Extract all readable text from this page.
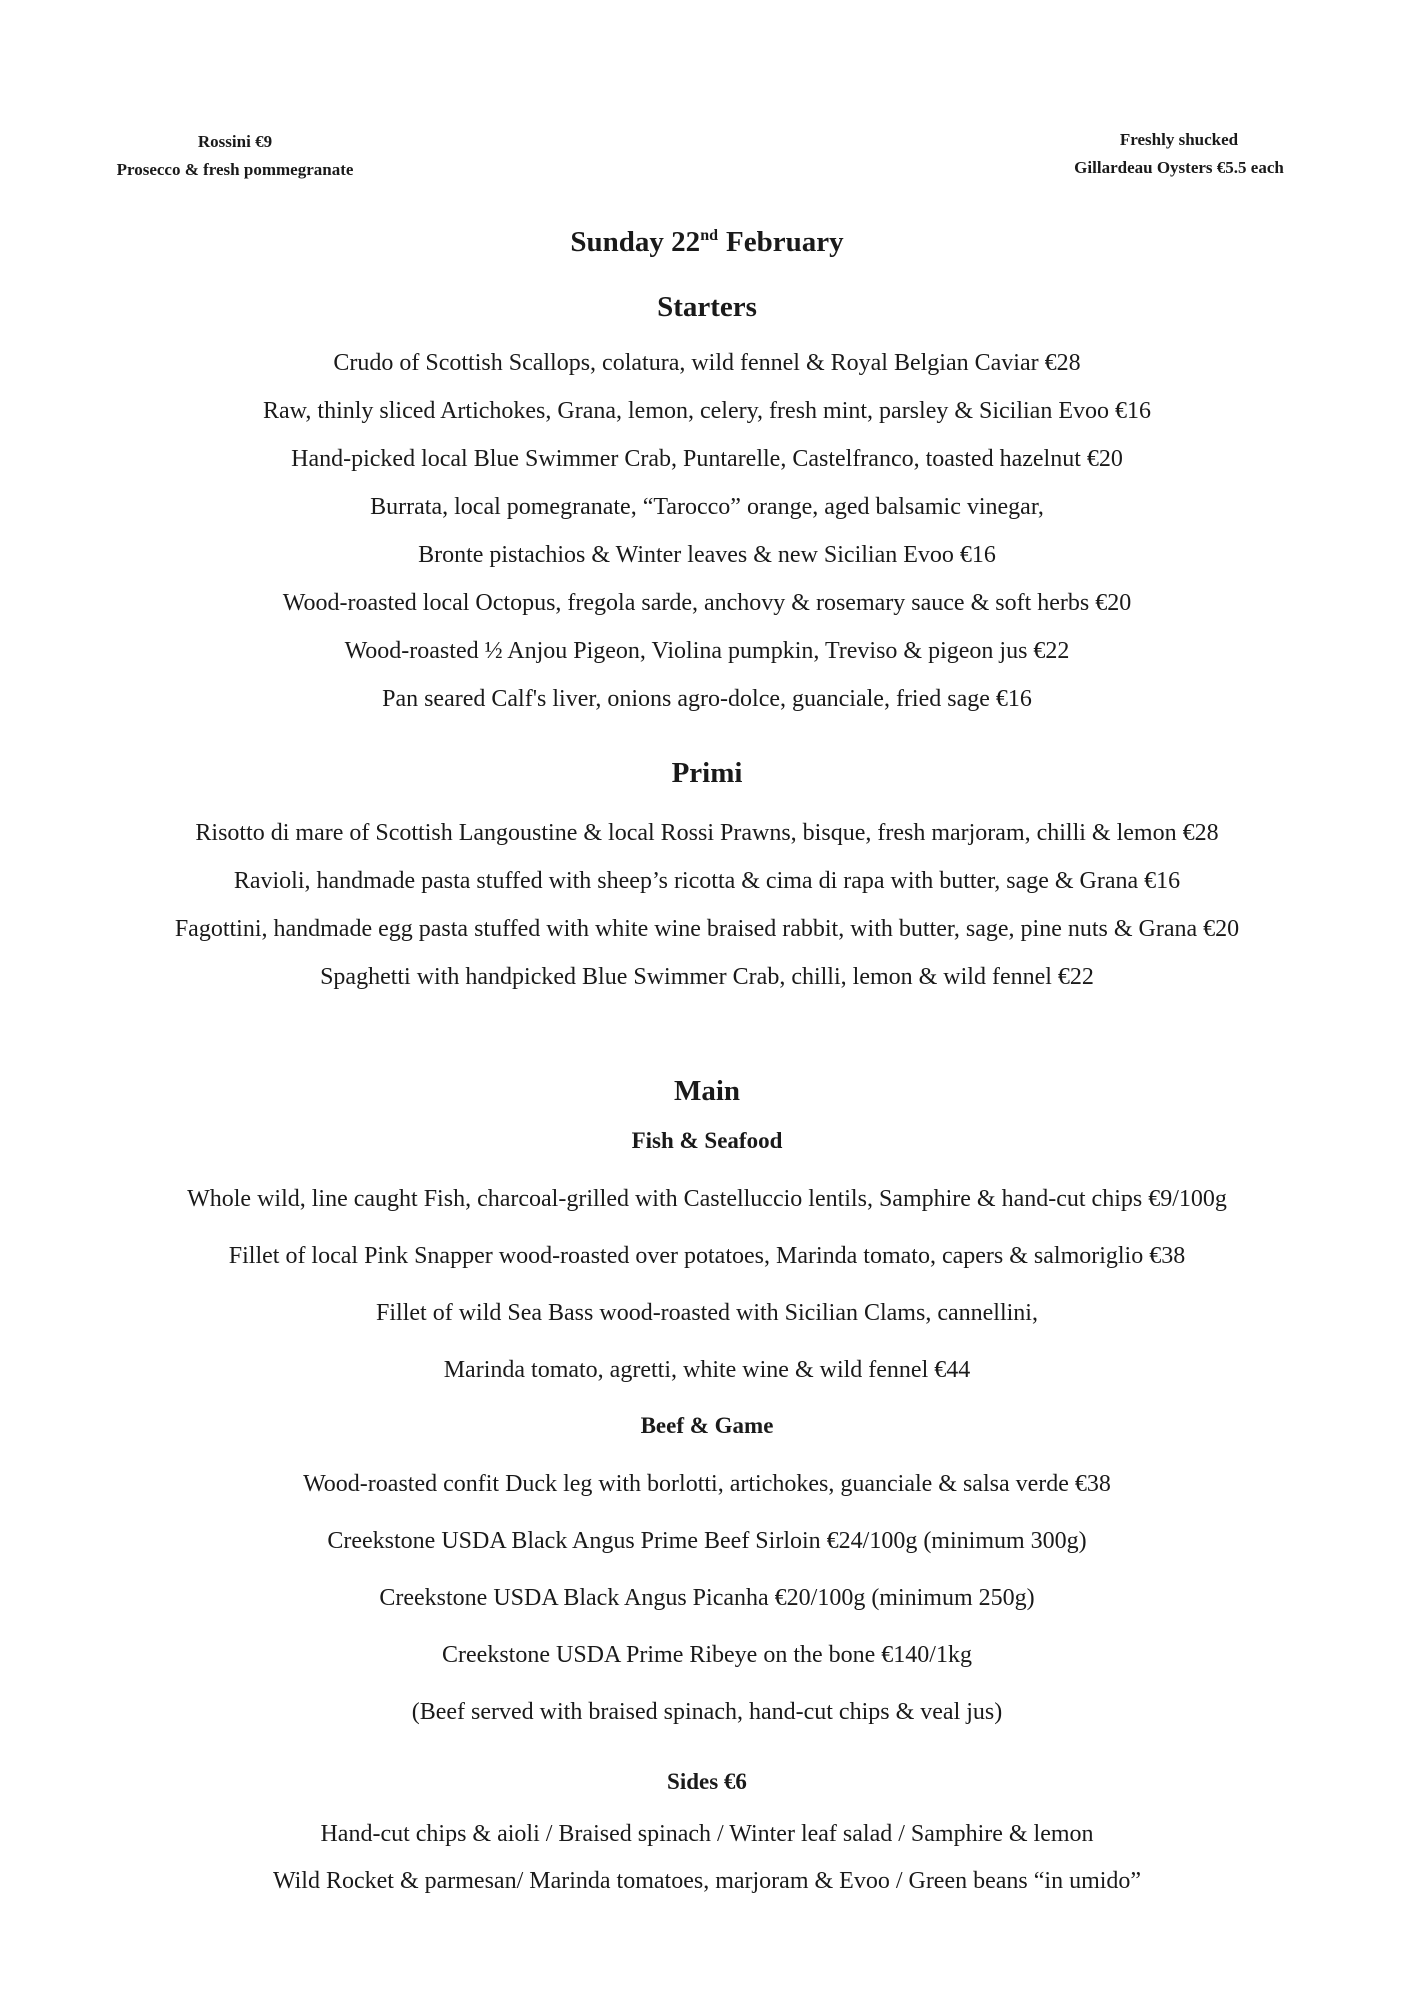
Rossini €9
Prosecco & fresh pommegranate
Freshly shucked
Gillardeau Oysters €5.5 each
Sunday 22nd February
Starters
Crudo of Scottish Scallops, colatura, wild fennel & Royal Belgian Caviar €28
Raw, thinly sliced Artichokes, Grana, lemon, celery, fresh mint, parsley & Sicilian Evoo €16
Hand-picked local Blue Swimmer Crab, Puntarelle, Castelfranco, toasted hazelnut €20
Burrata, local pomegranate, “Tarocco” orange, aged balsamic vinegar,
Bronte pistachios & Winter leaves & new Sicilian Evoo €16
Wood-roasted local Octopus, fregola sarde, anchovy & rosemary sauce & soft herbs €20
Wood-roasted ½ Anjou Pigeon, Violina pumpkin, Treviso & pigeon jus €22
Pan seared Calf's liver, onions agro-dolce, guanciale, fried sage €16
Primi
Risotto di mare of Scottish Langoustine & local Rossi Prawns, bisque, fresh marjoram, chilli & lemon €28
Ravioli, handmade pasta stuffed with sheep’s ricotta & cima di rapa with butter, sage & Grana €16
Fagottini, handmade egg pasta stuffed with white wine braised rabbit, with butter, sage, pine nuts & Grana €20
Spaghetti with handpicked Blue Swimmer Crab, chilli, lemon & wild fennel €22
Main
Fish & Seafood
Whole wild, line caught Fish, charcoal-grilled with Castelluccio lentils, Samphire & hand-cut chips €9/100g
Fillet of local Pink Snapper wood-roasted over potatoes, Marinda tomato, capers & salmoriglio €38
Fillet of wild Sea Bass wood-roasted with Sicilian Clams, cannellini,
Marinda tomato, agretti, white wine & wild fennel €44
Beef & Game
Wood-roasted confit Duck leg with borlotti, artichokes, guanciale & salsa verde €38
Creekstone USDA Black Angus Prime Beef Sirloin €24/100g (minimum 300g)
Creekstone USDA Black Angus Picanha €20/100g (minimum 250g)
Creekstone USDA Prime Ribeye on the bone €140/1kg
(Beef served with braised spinach, hand-cut chips & veal jus)
Sides €6
Hand-cut chips & aioli / Braised spinach / Winter leaf salad / Samphire & lemon
Wild Rocket & parmesan/ Marinda tomatoes, marjoram & Evoo / Green beans “in umido”
